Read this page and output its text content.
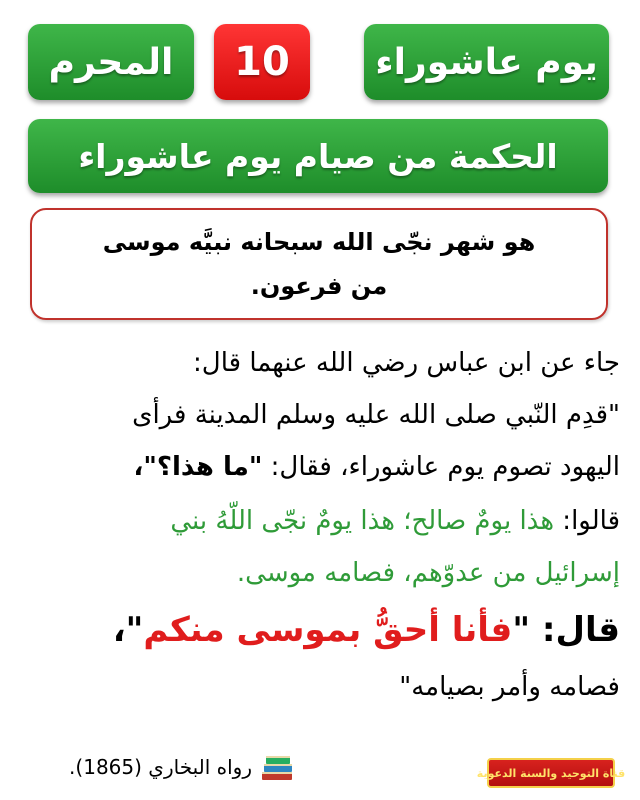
يوم عاشوراء
10
المحرم
الحكمة من صيام يوم عاشوراء
هو شهر نجّى الله سبحانه نبيَّه موسى
من فرعون.
جاء عن ابن عباس رضي الله عنهما قال:
"قدِم النّبي صلى الله عليه وسلم المدينة فرأى
اليهود تصوم يوم عاشوراء، فقال: "ما هذا؟"،
قالوا: هذا يومٌ صالح؛ هذا يومٌ نجّى اللّهُ بني
إسرائيل من عدوّهم، فصامه موسى.
قال: "فأنا أحقُّ بموسى منكم"،
فصامه وأمر بصيامه"
رواه البخاري (1865).	قناة التوحيد والسنة الدعوية
